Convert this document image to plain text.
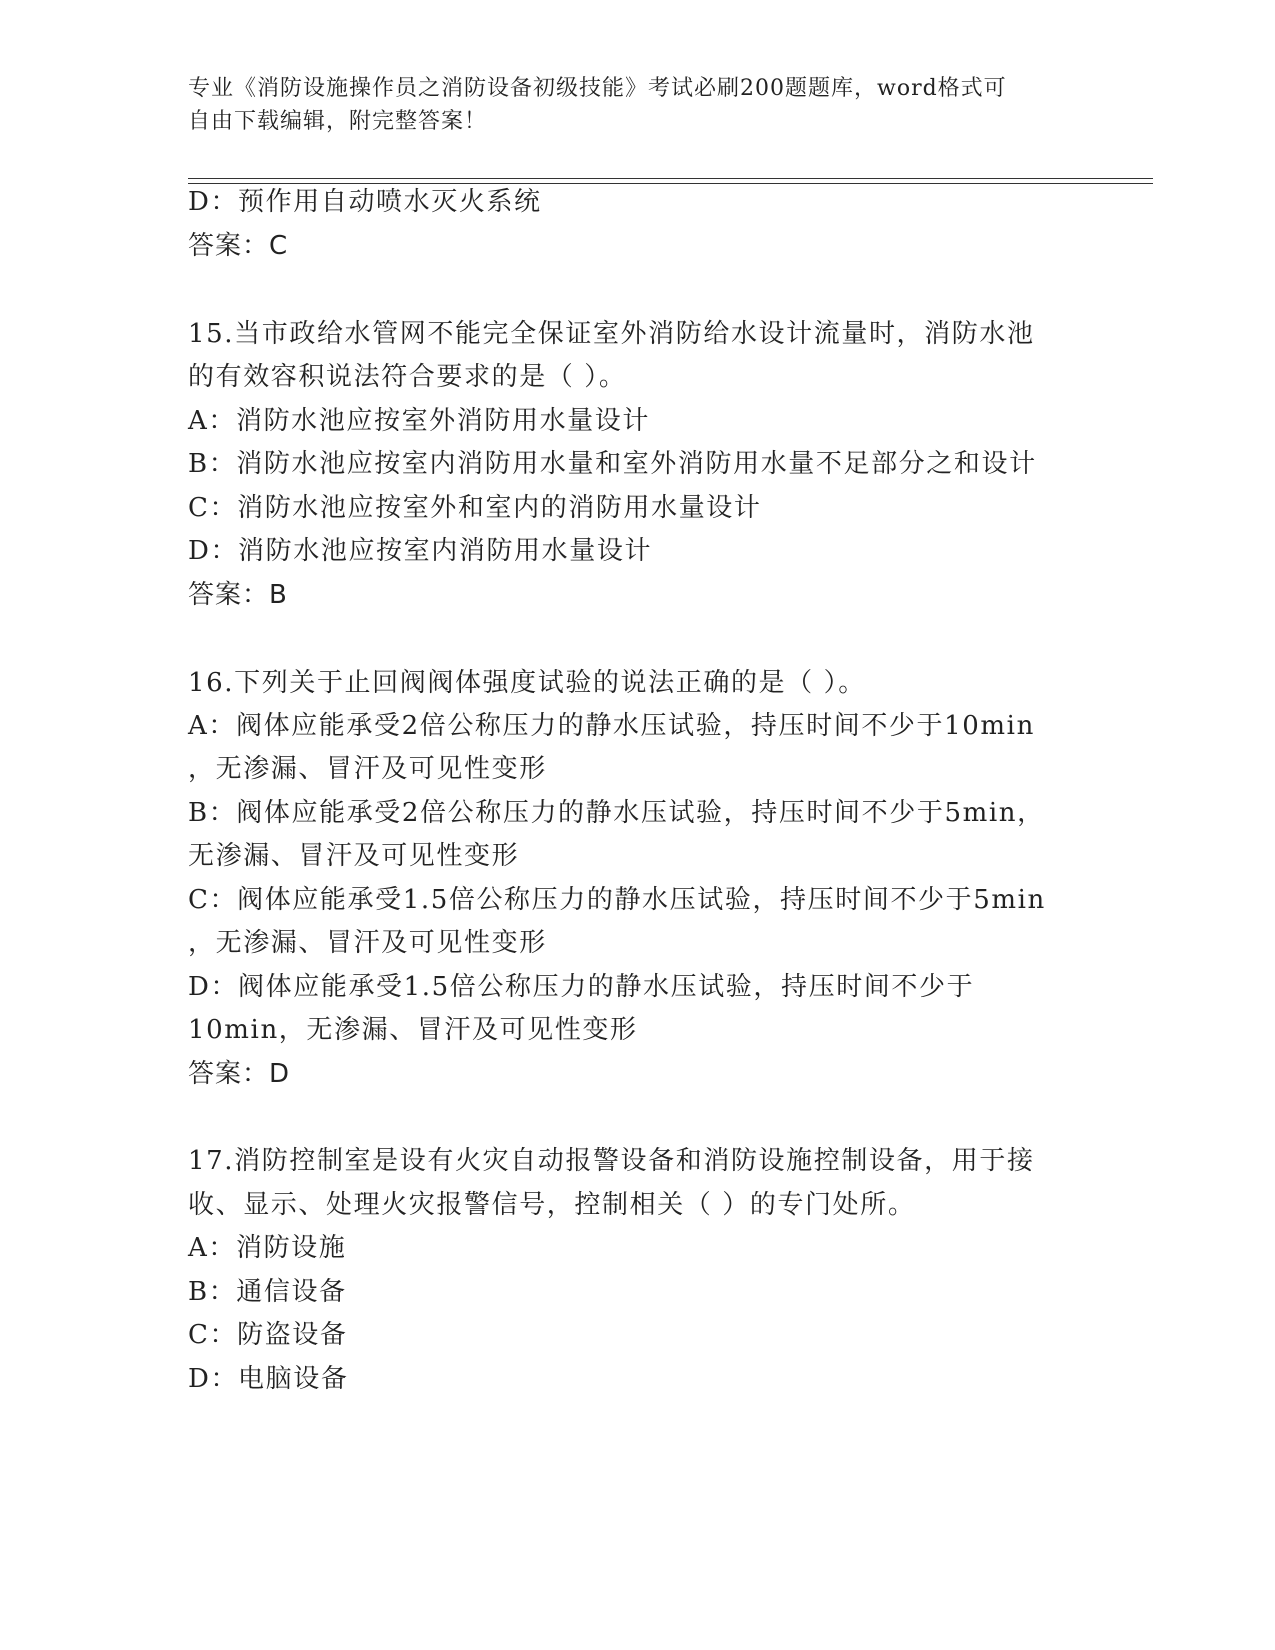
专业《消防设施操作员之消防设备初级技能》考试必刷200题题库，word格式可
自由下载编辑，附完整答案！
D：预作用自动喷水灭火系统
答案：C
15.当市政给水管网不能完全保证室外消防给水设计流量时，消防水池
的有效容积说法符合要求的是（ ）。
A：消防水池应按室外消防用水量设计
B：消防水池应按室内消防用水量和室外消防用水量不足部分之和设计
C：消防水池应按室外和室内的消防用水量设计
D：消防水池应按室内消防用水量设计
答案：B
16.下列关于止回阀阀体强度试验的说法正确的是（ ）。
A：阀体应能承受2倍公称压力的静水压试验，持压时间不少于10min
，无渗漏、冒汗及可见性变形
B：阀体应能承受2倍公称压力的静水压试验，持压时间不少于5min，
无渗漏、冒汗及可见性变形
C：阀体应能承受1.5倍公称压力的静水压试验，持压时间不少于5min
，无渗漏、冒汗及可见性变形
D：阀体应能承受1.5倍公称压力的静水压试验，持压时间不少于
10min，无渗漏、冒汗及可见性变形
答案：D
17.消防控制室是设有火灾自动报警设备和消防设施控制设备，用于接
收、显示、处理火灾报警信号，控制相关（ ）的专门处所。
A：消防设施
B：通信设备
C：防盗设备
D：电脑设备
